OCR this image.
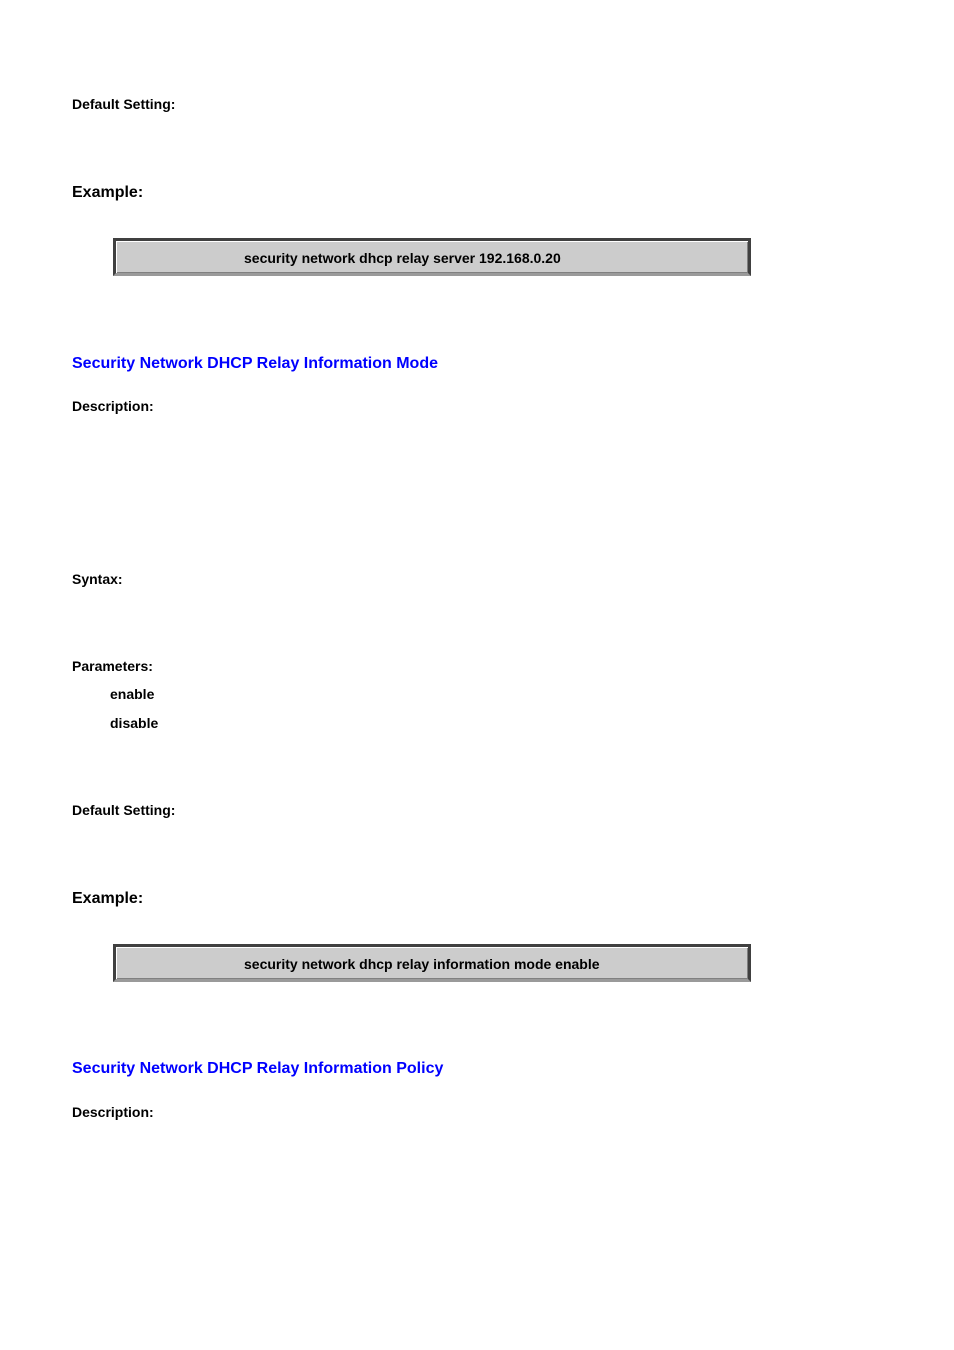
Default Setting:

Example:

security network dhcp relay server 192.168.0.20
Security Network DHCP Relay Information Mode

Description:

Syntax:

Parameters:

enable

disable

Default Setting:

Example:

security network dhcp relay information mode enable
Security Network DHCP Relay Information Policy

Description:
